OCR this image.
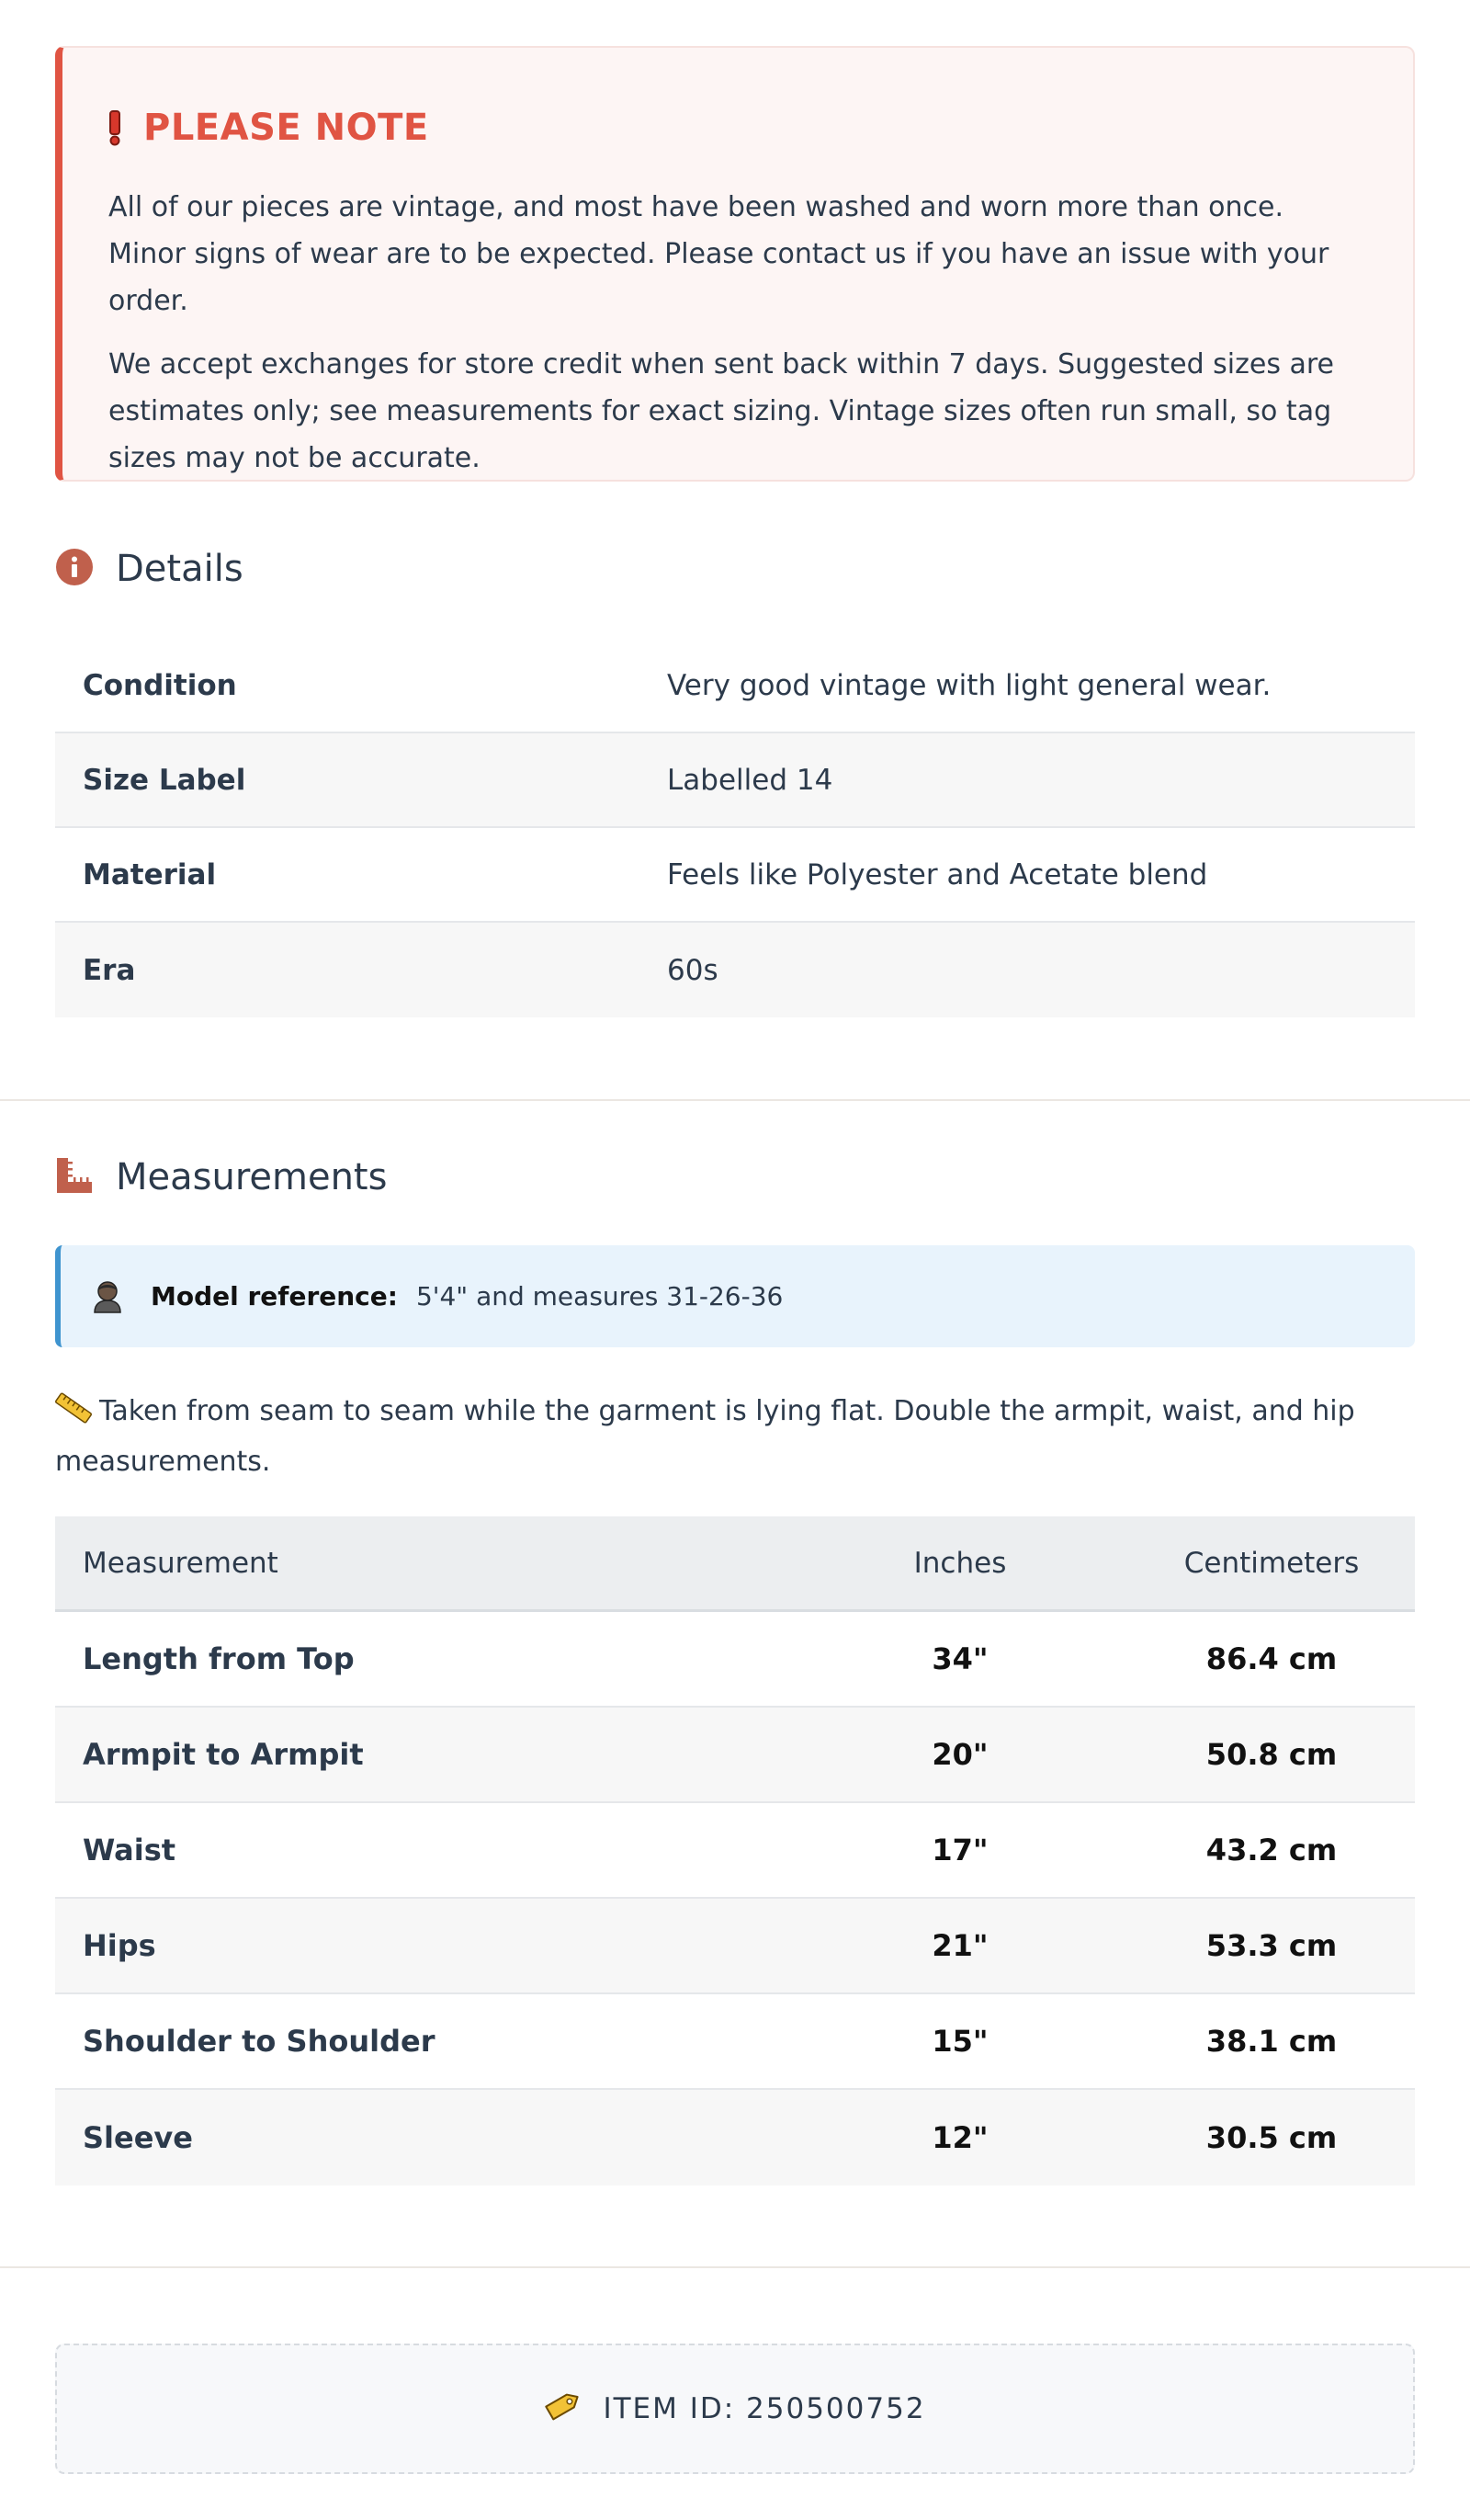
PLEASE NOTE

All of our pieces are vintage, and most have been washed and worn more than once. Minor signs of wear are to be expected. Please contact us if you have an issue with your order.

We accept exchanges for store credit when sent back within 7 days. Suggested sizes are estimates only; see measurements for exact sizing. Vintage sizes often run small, so tag sizes may not be accurate.

Details
Condition	Very good vintage with light general wear.
Size Label	Labelled 14
Material	Feels like Polyester and Acetate blend
Era	60s
Measurements
Model reference: 5'4" and measures 31-26-36
Taken from seam to seam while the garment is lying flat. Double the armpit, waist, and hip measurements.
Measurement	Inches	Centimeters
Length from Top	34"	86.4 cm
Armpit to Armpit	20"	50.8 cm
Waist	17"	43.2 cm
Hips	21"	53.3 cm
Shoulder to Shoulder	15"	38.1 cm
Sleeve	12"	30.5 cm
ITEM ID: 250500752
